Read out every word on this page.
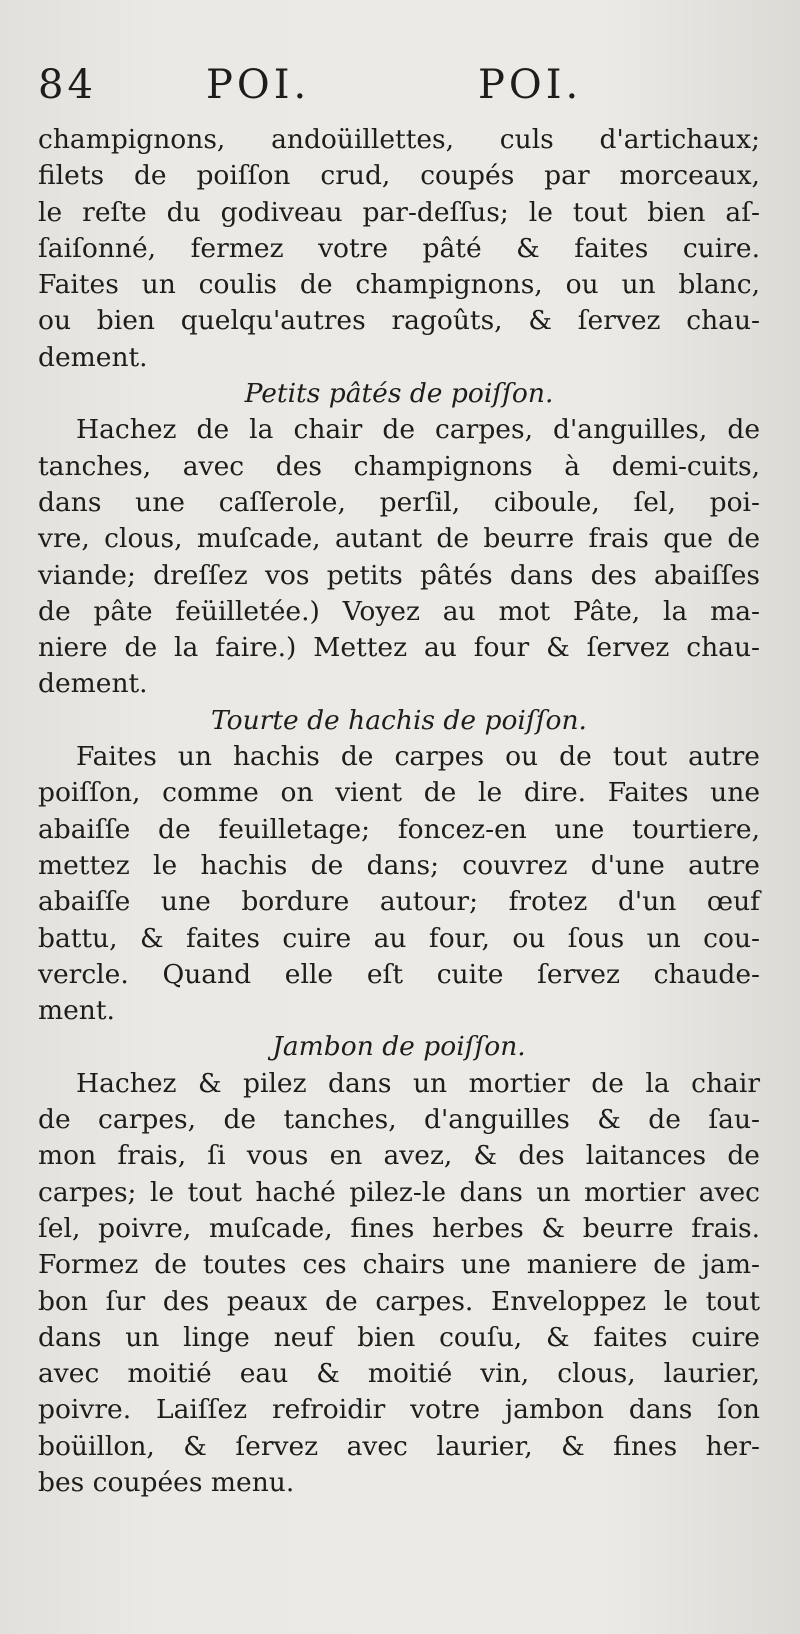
84	POI.	POI.
champignons, andoüillettes, culs d'artichaux;
filets de poiſſon crud, coupés par morceaux,
le reſte du godiveau par-deſſus; le tout bien aſ-
ſaiſonné, fermez votre pâté & faites cuire.
Faites un coulis de champignons, ou un blanc,
ou bien quelqu'autres ragoûts, & ſervez chau-
dement.
Petits pâtés de poiſſon.
Hachez de la chair de carpes, d'anguilles, de
tanches, avec des champignons à demi-cuits,
dans une caſſerole, perſil, ciboule, ſel, poi-
vre, clous, muſcade, autant de beurre frais que de
viande; dreſſez vos petits pâtés dans des abaiſſes
de pâte feüilletée.) Voyez au mot Pâte, la ma-
niere de la faire.) Mettez au four & ſervez chau-
dement.
Tourte de hachis de poiſſon.
Faites un hachis de carpes ou de tout autre
poiſſon, comme on vient de le dire. Faites une
abaiſſe de feuilletage; foncez-en une tourtiere,
mettez le hachis de dans; couvrez d'une autre
abaiſſe une bordure autour; frotez d'un œuf
battu, & faites cuire au four, ou ſous un cou-
vercle. Quand elle eſt cuite ſervez chaude-
ment.
Jambon de poiſſon.
Hachez & pilez dans un mortier de la chair
de carpes, de tanches, d'anguilles & de ſau-
mon frais, ſi vous en avez, & des laitances de
carpes; le tout haché pilez-le dans un mortier avec
ſel, poivre, muſcade, fines herbes & beurre frais.
Formez de toutes ces chairs une maniere de jam-
bon ſur des peaux de carpes. Enveloppez le tout
dans un linge neuf bien couſu, & faites cuire
avec moitié eau & moitié vin, clous, laurier,
poivre. Laiſſez refroidir votre jambon dans ſon
boüillon, & ſervez avec laurier, & fines her-
bes coupées menu.
